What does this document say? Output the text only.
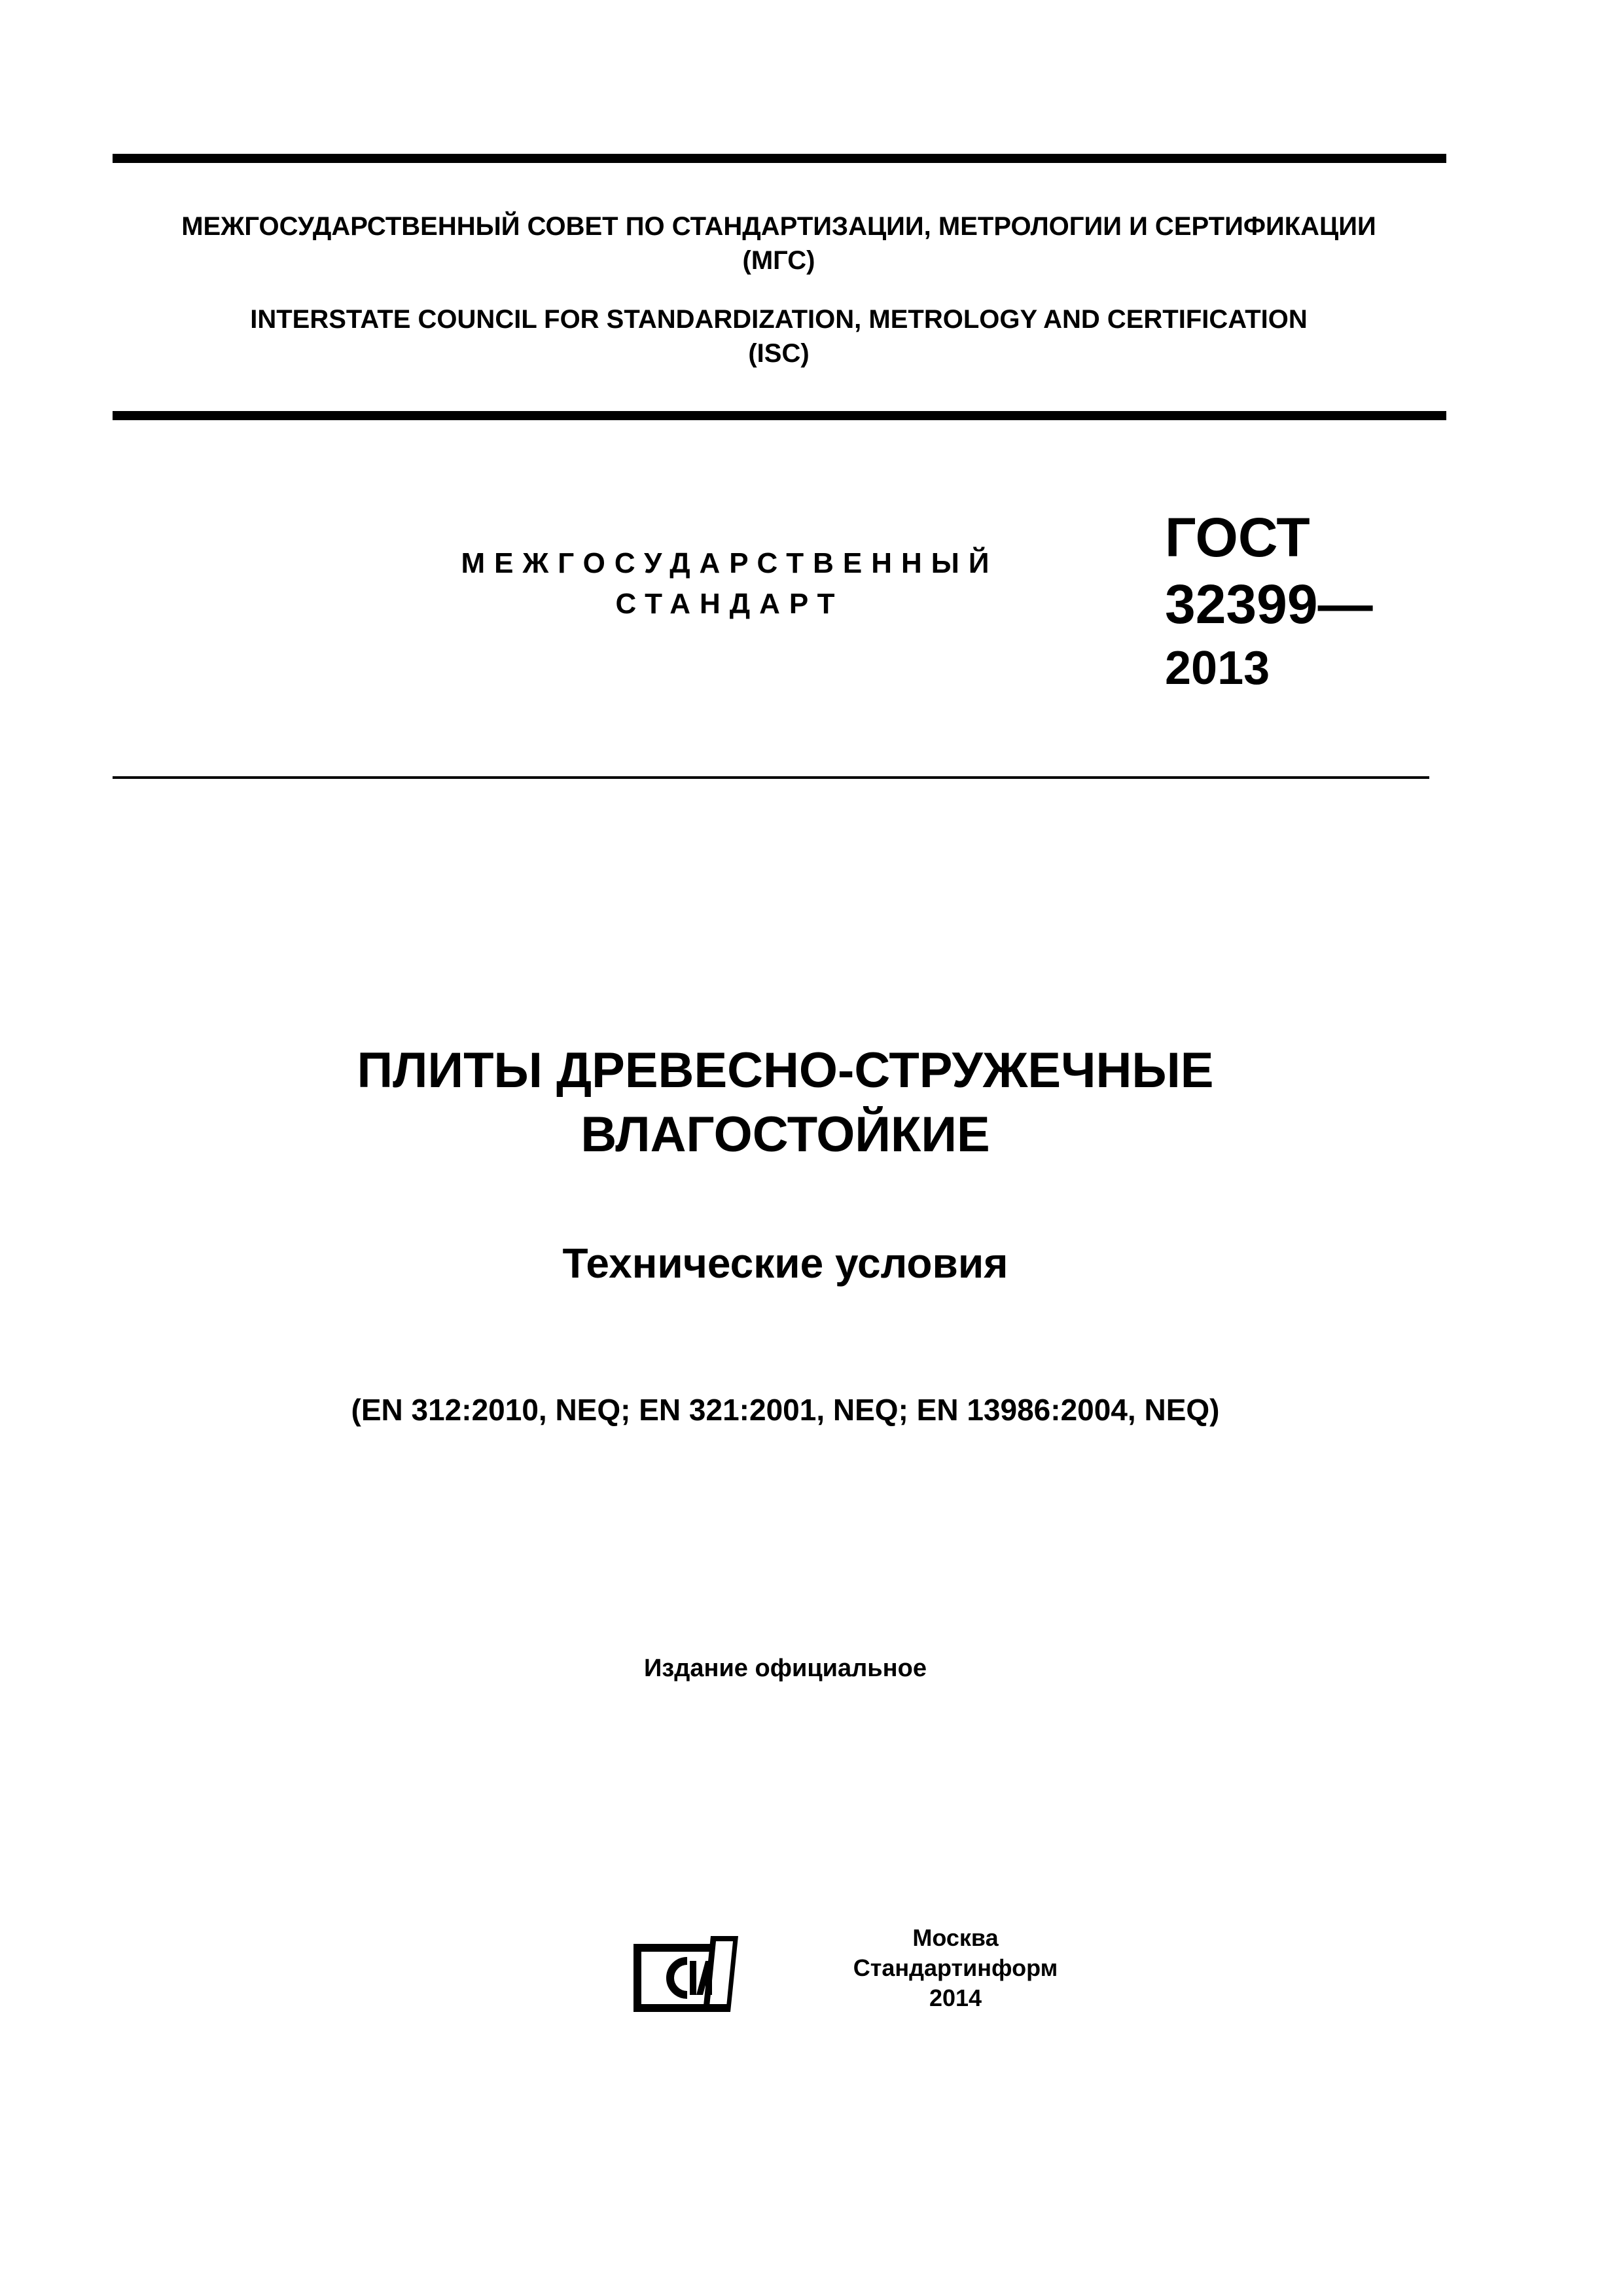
МЕЖГОСУДАРСТВЕННЫЙ СОВЕТ ПО СТАНДАРТИЗАЦИИ, МЕТРОЛОГИИ И СЕРТИФИКАЦИИ
(МГС)
INTERSTATE COUNCIL FOR STANDARDIZATION, METROLOGY AND CERTIFICATION
(ISC)
МЕЖГОСУДАРСТВЕННЫЙ
СТАНДАРТ
ГОСТ
32399—
2013
ПЛИТЫ ДРЕВЕСНО-СТРУЖЕЧНЫЕ
ВЛАГОСТОЙКИЕ
Технические условия
(EN 312:2010, NEQ; EN 321:2001, NEQ; EN 13986:2004, NEQ)
Издание официальное
Москва
Стандартинформ
2014
